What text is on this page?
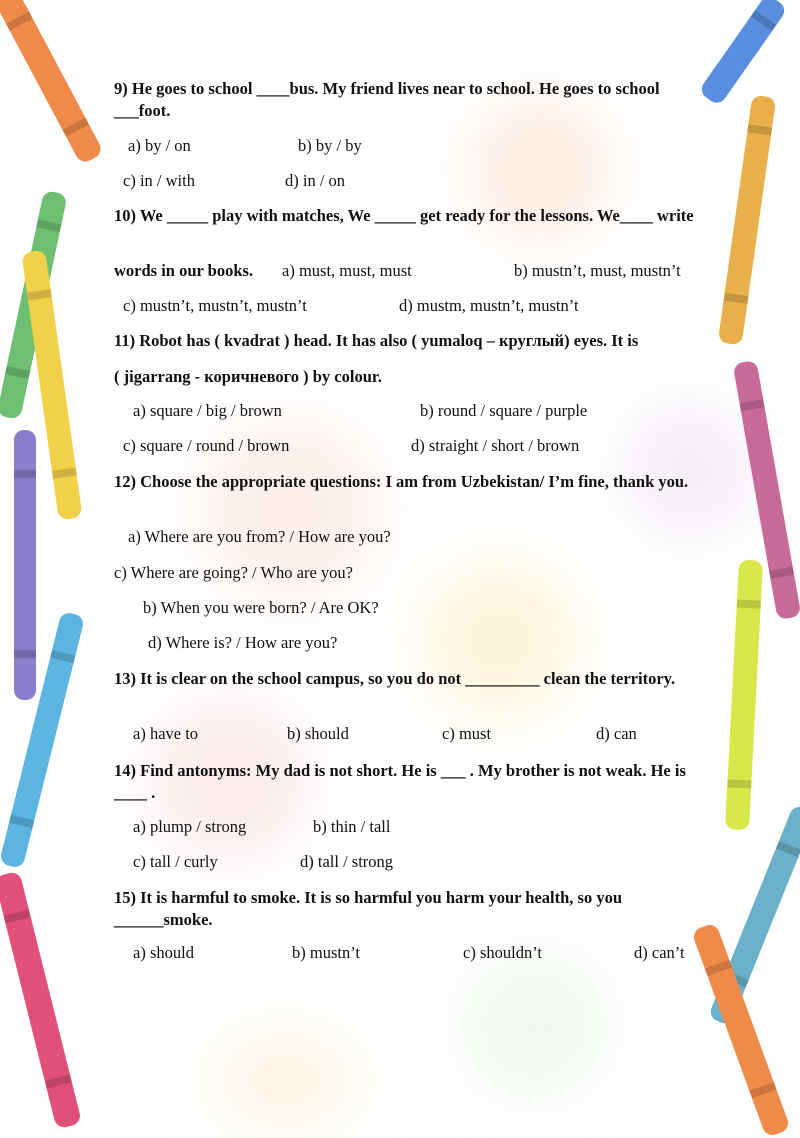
9) He goes to school ____bus. My friend lives near to school. He goes to school ___foot.

a) by / on	b) by / by
c) in / with	d) in / on

10) We _____ play with matches, We _____ get ready for the lessons. We____ write

words in our books. a) must, must, must	b) mustn’t, must, mustn’t
c) mustn’t, mustn’t, mustn’t	d) mustm, mustn’t, mustn’t

11) Robot has ( kvadrat ) head. It has also ( yumaloq – круглый) eyes. It is

( jigarrang - коричневого ) by colour.

a) square / big / brown	b) round / square / purple
c) square / round / brown	d) straight / short / brown

12) Choose the appropriate questions: I am from Uzbekistan/ I’m fine, thank you.

a) Where are you from? / How are you?
c) Where are going? / Who are you?
b) When you were born? / Are OK?
d) Where is? / How are you?

13) It is clear on the school campus, so you do not _________ clean the territory.

a) have to	b) should	c) must	d) can

14) Find antonyms: My dad is not short. He is ___ . My brother is not weak. He is ____ .

a) plump / strong	b) thin / tall
c) tall / curly	d) tall / strong

15) It is harmful to smoke. It is so harmful you harm your health, so you ______smoke.

a) should	b) mustn’t	c) shouldn’t	d) can’t
